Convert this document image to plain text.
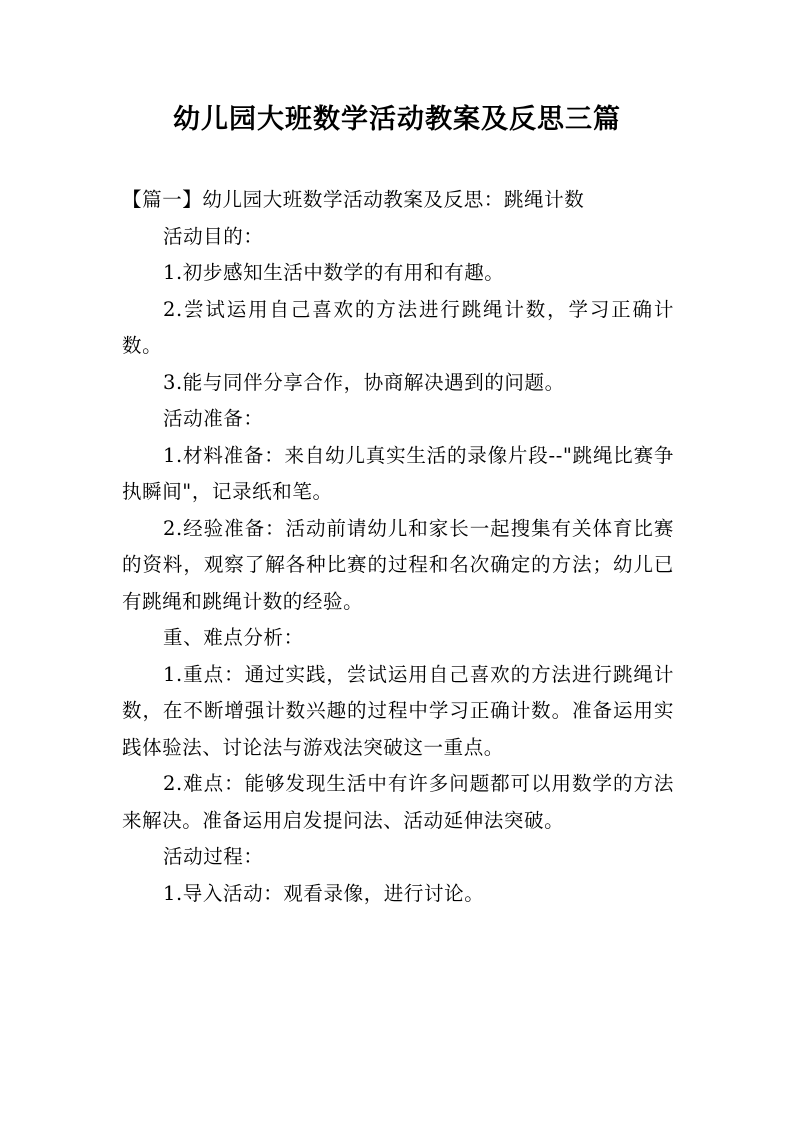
幼儿园大班数学活动教案及反思三篇

【篇一】幼儿园大班数学活动教案及反思：跳绳计数

活动目的：

1.初步感知生活中数学的有用和有趣。

2.尝试运用自己喜欢的方法进行跳绳计数，学习正确计数。

3.能与同伴分享合作，协商解决遇到的问题。

活动准备：

1.材料准备：来自幼儿真实生活的录像片段--"跳绳比赛争执瞬间"，记录纸和笔。

2.经验准备：活动前请幼儿和家长一起搜集有关体育比赛的资料，观察了解各种比赛的过程和名次确定的方法；幼儿已有跳绳和跳绳计数的经验。

重、难点分析：

1.重点：通过实践，尝试运用自己喜欢的方法进行跳绳计数，在不断增强计数兴趣的过程中学习正确计数。准备运用实践体验法、讨论法与游戏法突破这一重点。

2.难点：能够发现生活中有许多问题都可以用数学的方法来解决。准备运用启发提问法、活动延伸法突破。

活动过程：

1.导入活动：观看录像，进行讨论。
